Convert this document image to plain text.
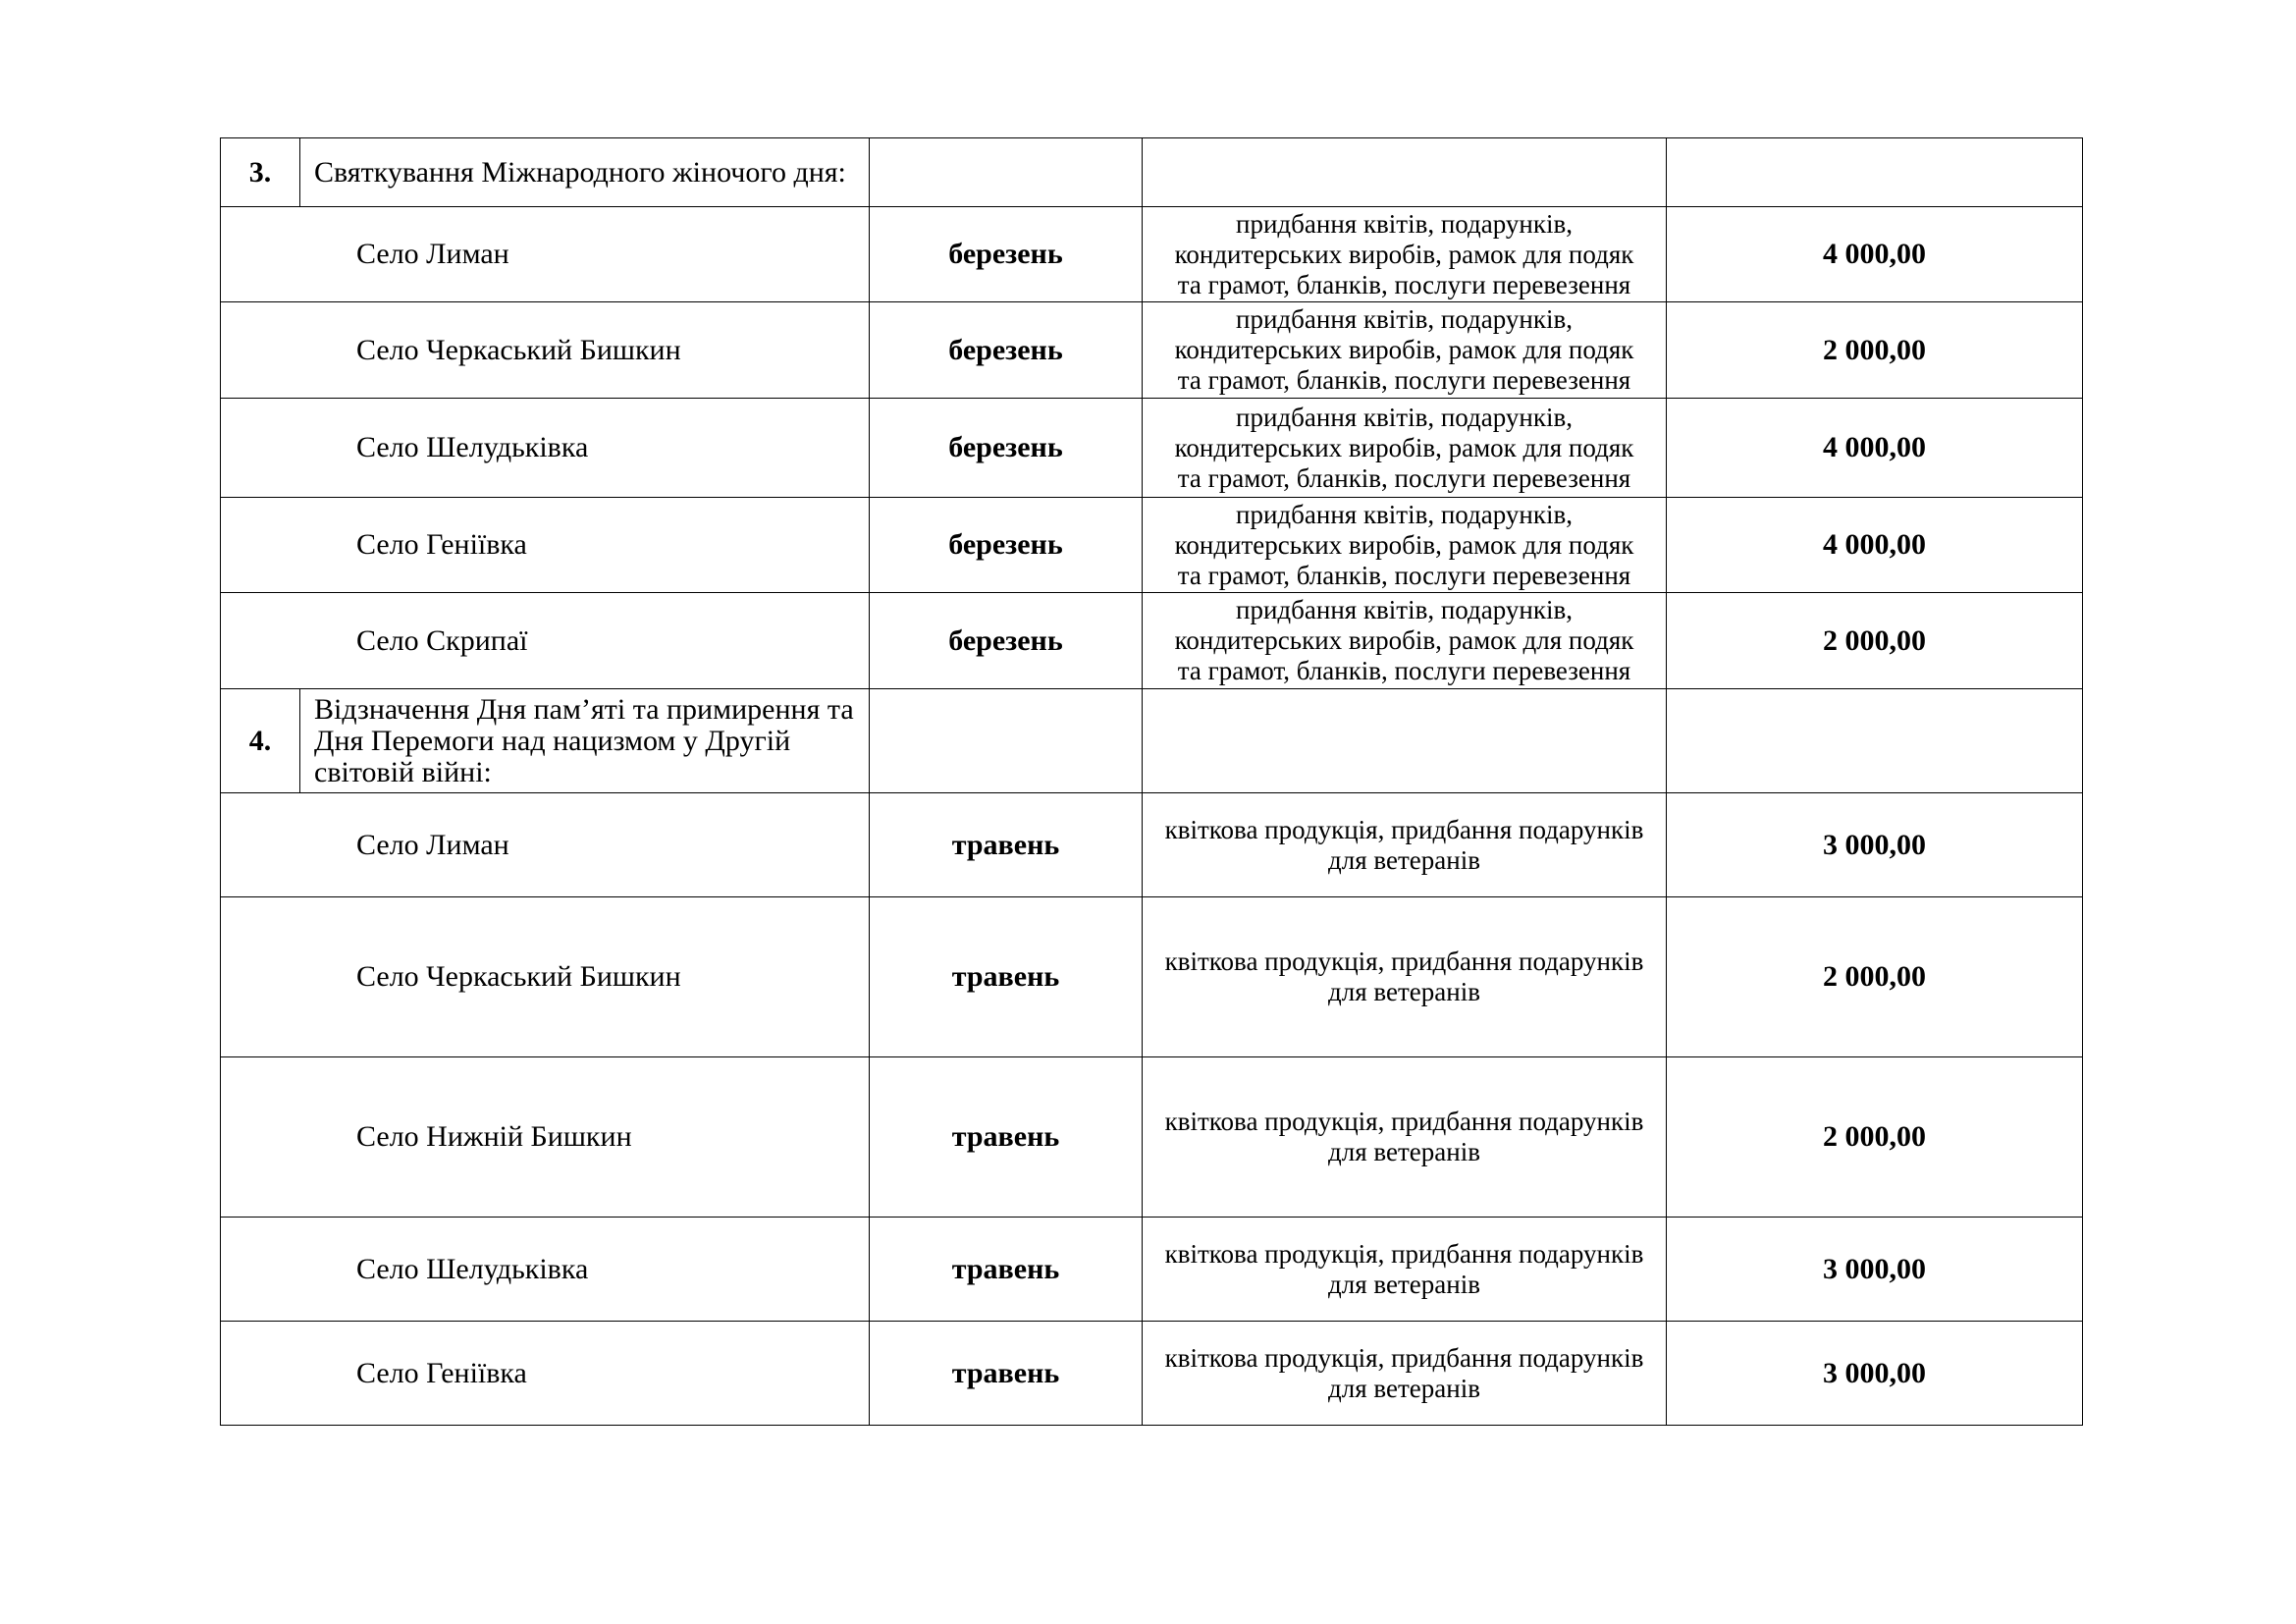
3.	Святкування Міжнародного жіночого дня:			
Село Лиман		березень	придбання квітів, подарунків, кондитерських виробів, рамок для подяк та грамот, бланків, послуги перевезення	4 000,00
Село Черкаський Бишкин		березень	придбання квітів, подарунків, кондитерських виробів, рамок для подяк та грамот, бланків, послуги перевезення	2 000,00
Село Шелудьківка		березень	придбання квітів, подарунків, кондитерських виробів, рамок для подяк та грамот, бланків, послуги перевезення	4 000,00
Село Геніївка		березень	придбання квітів, подарунків, кондитерських виробів, рамок для подяк та грамот, бланків, послуги перевезення	4 000,00
Село Скрипаї		березень	придбання квітів, подарунків, кондитерських виробів, рамок для подяк та грамот, бланків, послуги перевезення	2 000,00
4.	Відзначення Дня пам’яті та примирення та Дня Перемоги над нацизмом у Другій світовій війні:			
Село Лиман		травень	квіткова продукція, придбання подарунків для ветеранів	3 000,00
Село Черкаський Бишкин		травень	квіткова продукція, придбання подарунків для ветеранів	2 000,00
Село Нижній Бишкин		травень	квіткова продукція, придбання подарунків для ветеранів	2 000,00
Село Шелудьківка		травень	квіткова продукція, придбання подарунків для ветеранів	3 000,00
Село Геніївка		травень	квіткова продукція, придбання подарунків для ветеранів	3 000,00
